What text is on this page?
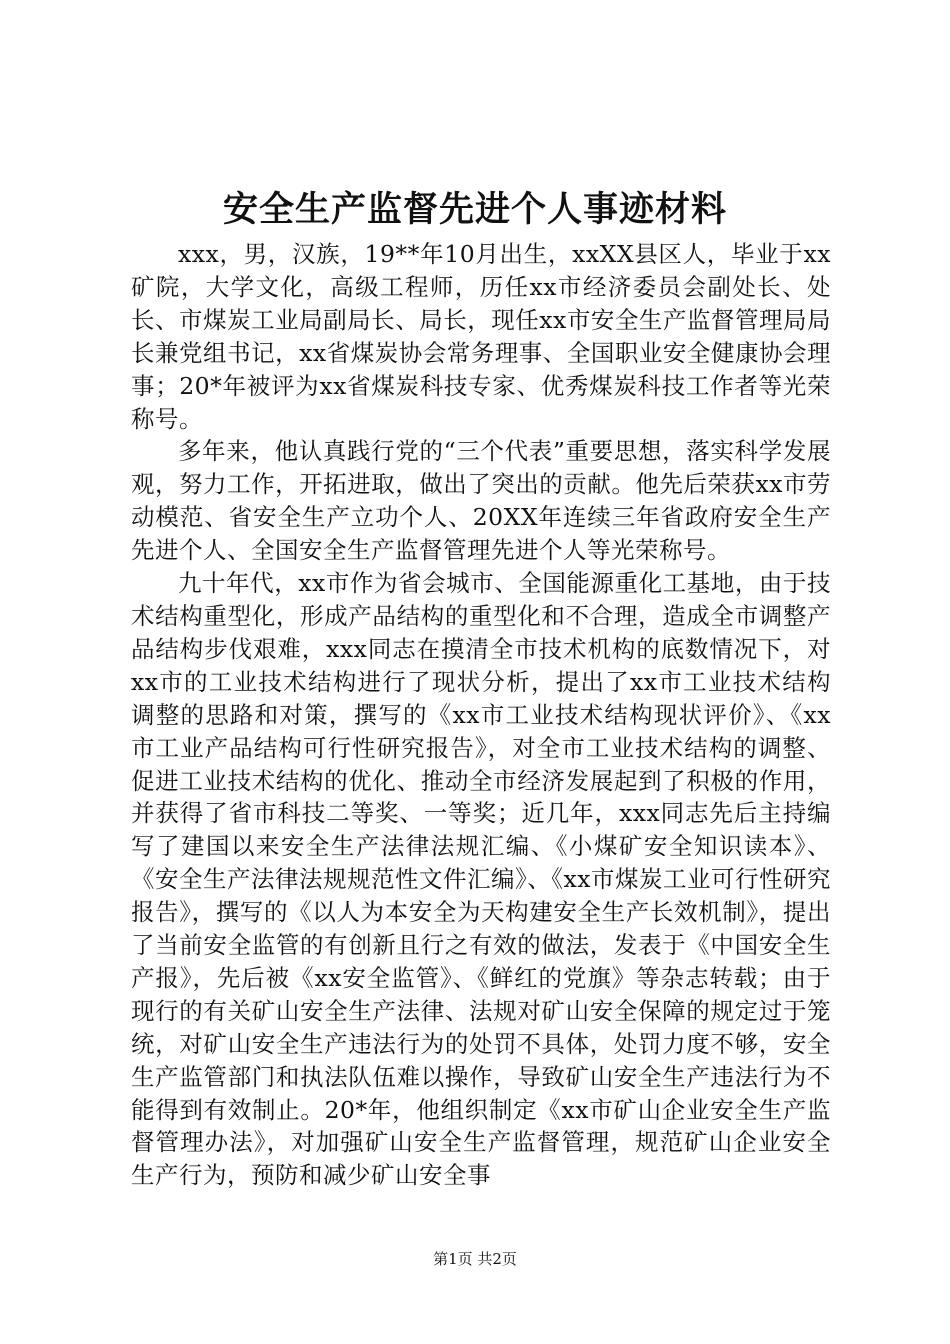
安全生产监督先进个人事迹材料

xxx，男，汉族，19**年10月出生，xxXX县区人，毕业于xx矿院，大学文化，高级工程师，历任xx市经济委员会副处长、处长、市煤炭工业局副局长、局长，现任xx市安全生产监督管理局局长兼党组书记，xx省煤炭协会常务理事、全国职业安全健康协会理事；20*年被评为xx省煤炭科技专家、优秀煤炭科技工作者等光荣称号。

多年来，他认真践行党的“三个代表”重要思想，落实科学发展观，努力工作，开拓进取，做出了突出的贡献。他先后荣获xx市劳动模范、省安全生产立功个人、20XX年连续三年省政府安全生产先进个人、全国安全生产监督管理先进个人等光荣称号。

九十年代，xx市作为省会城市、全国能源重化工基地，由于技术结构重型化，形成产品结构的重型化和不合理，造成全市调整产品结构步伐艰难，xxx同志在摸清全市技术机构的底数情况下，对xx市的工业技术结构进行了现状分析，提出了xx市工业技术结构调整的思路和对策，撰写的《xx市工业技术结构现状评价》、《xx市工业产品结构可行性研究报告》，对全市工业技术结构的调整、促进工业技术结构的优化、推动全市经济发展起到了积极的作用，并获得了省市科技二等奖、一等奖；近几年，xxx同志先后主持编写了建国以来安全生产法律法规汇编、《小煤矿安全知识读本》、《安全生产法律法规规范性文件汇编》、《xx市煤炭工业可行性研究报告》，撰写的《以人为本安全为天构建安全生产长效机制》，提出了当前安全监管的有创新且行之有效的做法，发表于《中国安全生产报》，先后被《xx安全监管》、《鲜红的党旗》等杂志转载；由于现行的有关矿山安全生产法律、法规对矿山安全保障的规定过于笼统，对矿山安全生产违法行为的处罚不具体，处罚力度不够，安全生产监管部门和执法队伍难以操作，导致矿山安全生产违法行为不能得到有效制止。20*年，他组织制定《xx市矿山企业安全生产监督管理办法》，对加强矿山安全生产监督管理，规范矿山企业安全生产行为，预防和减少矿山安全事

第1页 共2页
